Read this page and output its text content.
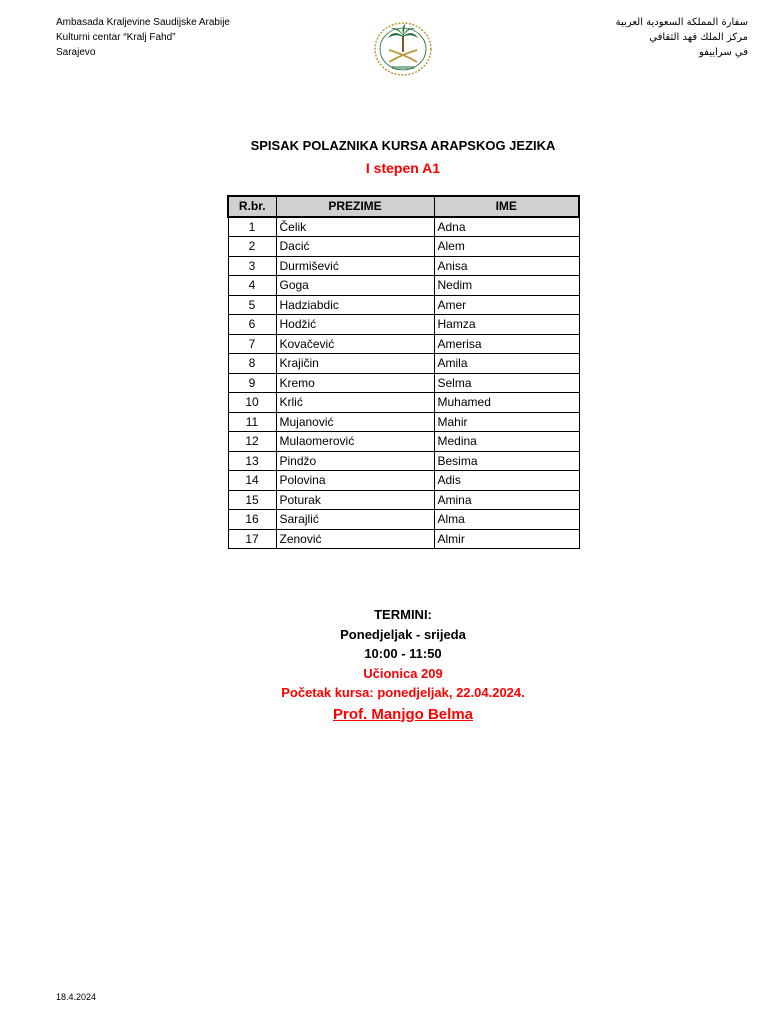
Ambasada Kraljevine Saudijske Arabije
Kulturni centar “Kralj Fahd”
Sarajevo
سفارة المملكة السعودية العربية
مركز الملك فهد الثقافي
في سراييفو
SPISAK POLAZNIKA KURSA ARAPSKOG JEZIKA
I stepen A1
R.br.	PREZIME	IME
1	Čelik	Adna
2	Dacić	Alem
3	Durmišević	Anisa
4	Goga	Nedim
5	Hadziabdic	Amer
6	Hodžić	Hamza
7	Kovačević	Amerisa
8	Krajičin	Amila
9	Kremo	Selma
10	Krlić	Muhamed
11	Mujanović	Mahir
12	Mulaomerović	Medina
13	Pindžo	Besima
14	Polovina	Adis
15	Poturak	Amina
16	Sarajlić	Alma
17	Zenović	Almir
TERMINI:
Ponedjeljak - srijeda
10:00 - 11:50
Učionica 209
Početak kursa: ponedjeljak, 22.04.2024.
Prof. Manjgo Belma
18.4.2024
